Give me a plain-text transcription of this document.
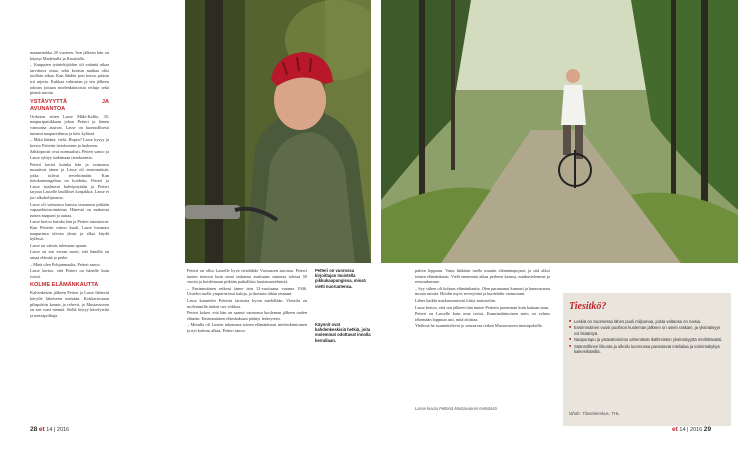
maanmarkka 20 vuoteen. Sen jälkeen hän on käynyt Madeiralla ja Kroatialla.

– Kauppien työntekijöiden oli erääntä aikaa tarvittava ostaa, sekä keräsin matkaa olisi tuolloin aikaa. Kun lähdön pois kotoa, pääsin irti arjesta. Kukkaa valmistan ja sen jälkeen odotan joitaan mielenkiintoisia reiluja sekä pieniä asioita.

YSTÄVYYTTÄ JA AVUNANTOA

Oriketon sitten Lasse Mäki-Kallio, 35, naapuriputiikkaan johon Petteri ja hänen vaimonsa asuivat. Lasse on luonnollisesti tutustui naapureihinsa ja kävi kylässä.

– Mikä hätänä, vielä, Hopea? Lasse kysyy ja kertoo Petterin tietokoneen ja luokseen.

Sähköpostit ovat normaalisti, Petteri sanoo ja Lasse ryhtyy tutkimaan tietokonetta.

Petteri kertoi kuinka hän ja vaimonsa muuttivat tänne ja Lasse oli ensimmäisiä, jotka tulivat tervehtimään. Kun tietokoneongelma on hoidettu, Petteri ja Lasse istahtavat kahvipöytään ja Petteri tarjoaa Lasselle laulilliset konjakkia. Lasse ei juo alkoholijuomia.

Lasse oli vaimonsa kanssa seurannut pitkään vapaaehtoistoimintaa. Hänestä on mukavaa tuntea naapurit ja auttaa.

Lasse kertoo kuinka hän ja Petteri tutustuivat: Kun Petterin vaimo kuoli, Lasse huomasi naapurinsa olevan yksin ja alkoi käydä kylässä.

Lasse on valmis tulemaan apuun.

Lasse on sen verran nuori, että hänellä on omaa elämää ja perhe.

– Minä olen Pohjanmaalta, Petteri sanoo.

Lasse kertoo, että Petteri on hänelle kuin isoisä.

KOLME ELÄMÄNKAUTTA

Kalvinkeizin jälkeen Petteri ja Lasse lähtevät kävylle läheiseen metsään. Kotikertostaan pihapiiriin kaunis ja rehevä, ja Mustavuoren on sen varsi niemiä. Siellä löytyy kävelyteitä ja metsäpolkuja.

Petteri on vuorossa kirjoittajan muistella pikkukaupungissa, missä vietti nuoruutensa.
Käynnit ovat kahdenkeskisiä hetkiä, joita molemmat odottavat innolla kerrallaan.

Petteri on ollut Lasselle hyvä tietolähde Vuosaaren asioissa. Petteri tuntee tienoon kuin omat taskunsa asuttuaan samassa talossa 50 vuotta ja hoidettuaan pitkään paikallisia luottamustehtäviä.

– Ensimmäinen retkeni tänne tein 12-vuotiaana vuonna 1946. Uistelin tuolla ympäristössä kaloja, ja ihastuin tähän seutuun.

Lasse kuuntelee Petterin tarinoita hyvin mielellään. Vierailu on molemmille tärkeä osa viikkoa.

Petteri kokee, että hän on saanut vaimonsa kuoleman jälkeen uuden elämän. Ensimmäinen elämänkausi päättyi leskeyteen.

– Minulla oli Lassen tukemana toinen elämänkausi mielenkiintoinen ja nyt kolmas alkaa, Petteri sanoo.

paloin loppuun. Vasta lääkärin tuella muutin elämäntapojani, ja sitä alkoi toinen elämänkausi. Vielä enemmän aikaa perheen kanssa, matkustelemme ja rentoudumme.

– Syy siihen oli kolmas elämänkautta. Olen parantanut kuntoni ja kunnostanut monia asioita. Hoidin myös terveyttäni ja huolehdin vaimostani.

Lähes kaikki matkustamiseni liittyi muistoihin.

Lasse kertoo, että sen jälkeen hän tuntee Petterin paremmin kuin kukaan muu.

Petteri on Lasselle kuin oma isoisä. Kunnianhimoinen mies on valmis tekemään loppuun asti, mitä aloittaa.

Yhdessä he suunnittelevat jo seuraavaa retkeä Mustavuoren metsäpoluille.

Lasse kuvaa Petteriä Mustavuoren metsässä.
Tiesitkö?
■ Leskiä on Suomessa lähes puoli miljoonaa, joista valtaosa on naisia.
■ Ensimmäinen vuosi puolison kuoleman jälkeen on usein raskain, ja yksinäisyys voi lisääntyä.
■ Naapuriapu ja ystävätoiminta vähentävät ikäihmisten yksinäisyyttä merkittävästi.
■ Säännöllinen liikunta ja ulkoilu luonnossa parantavat mielialaa ja toimintakykyä kaikenikäisillä.
lähde: Tilastokeskus, THL
28 et 14 | 2016	et 14 | 2016 29
